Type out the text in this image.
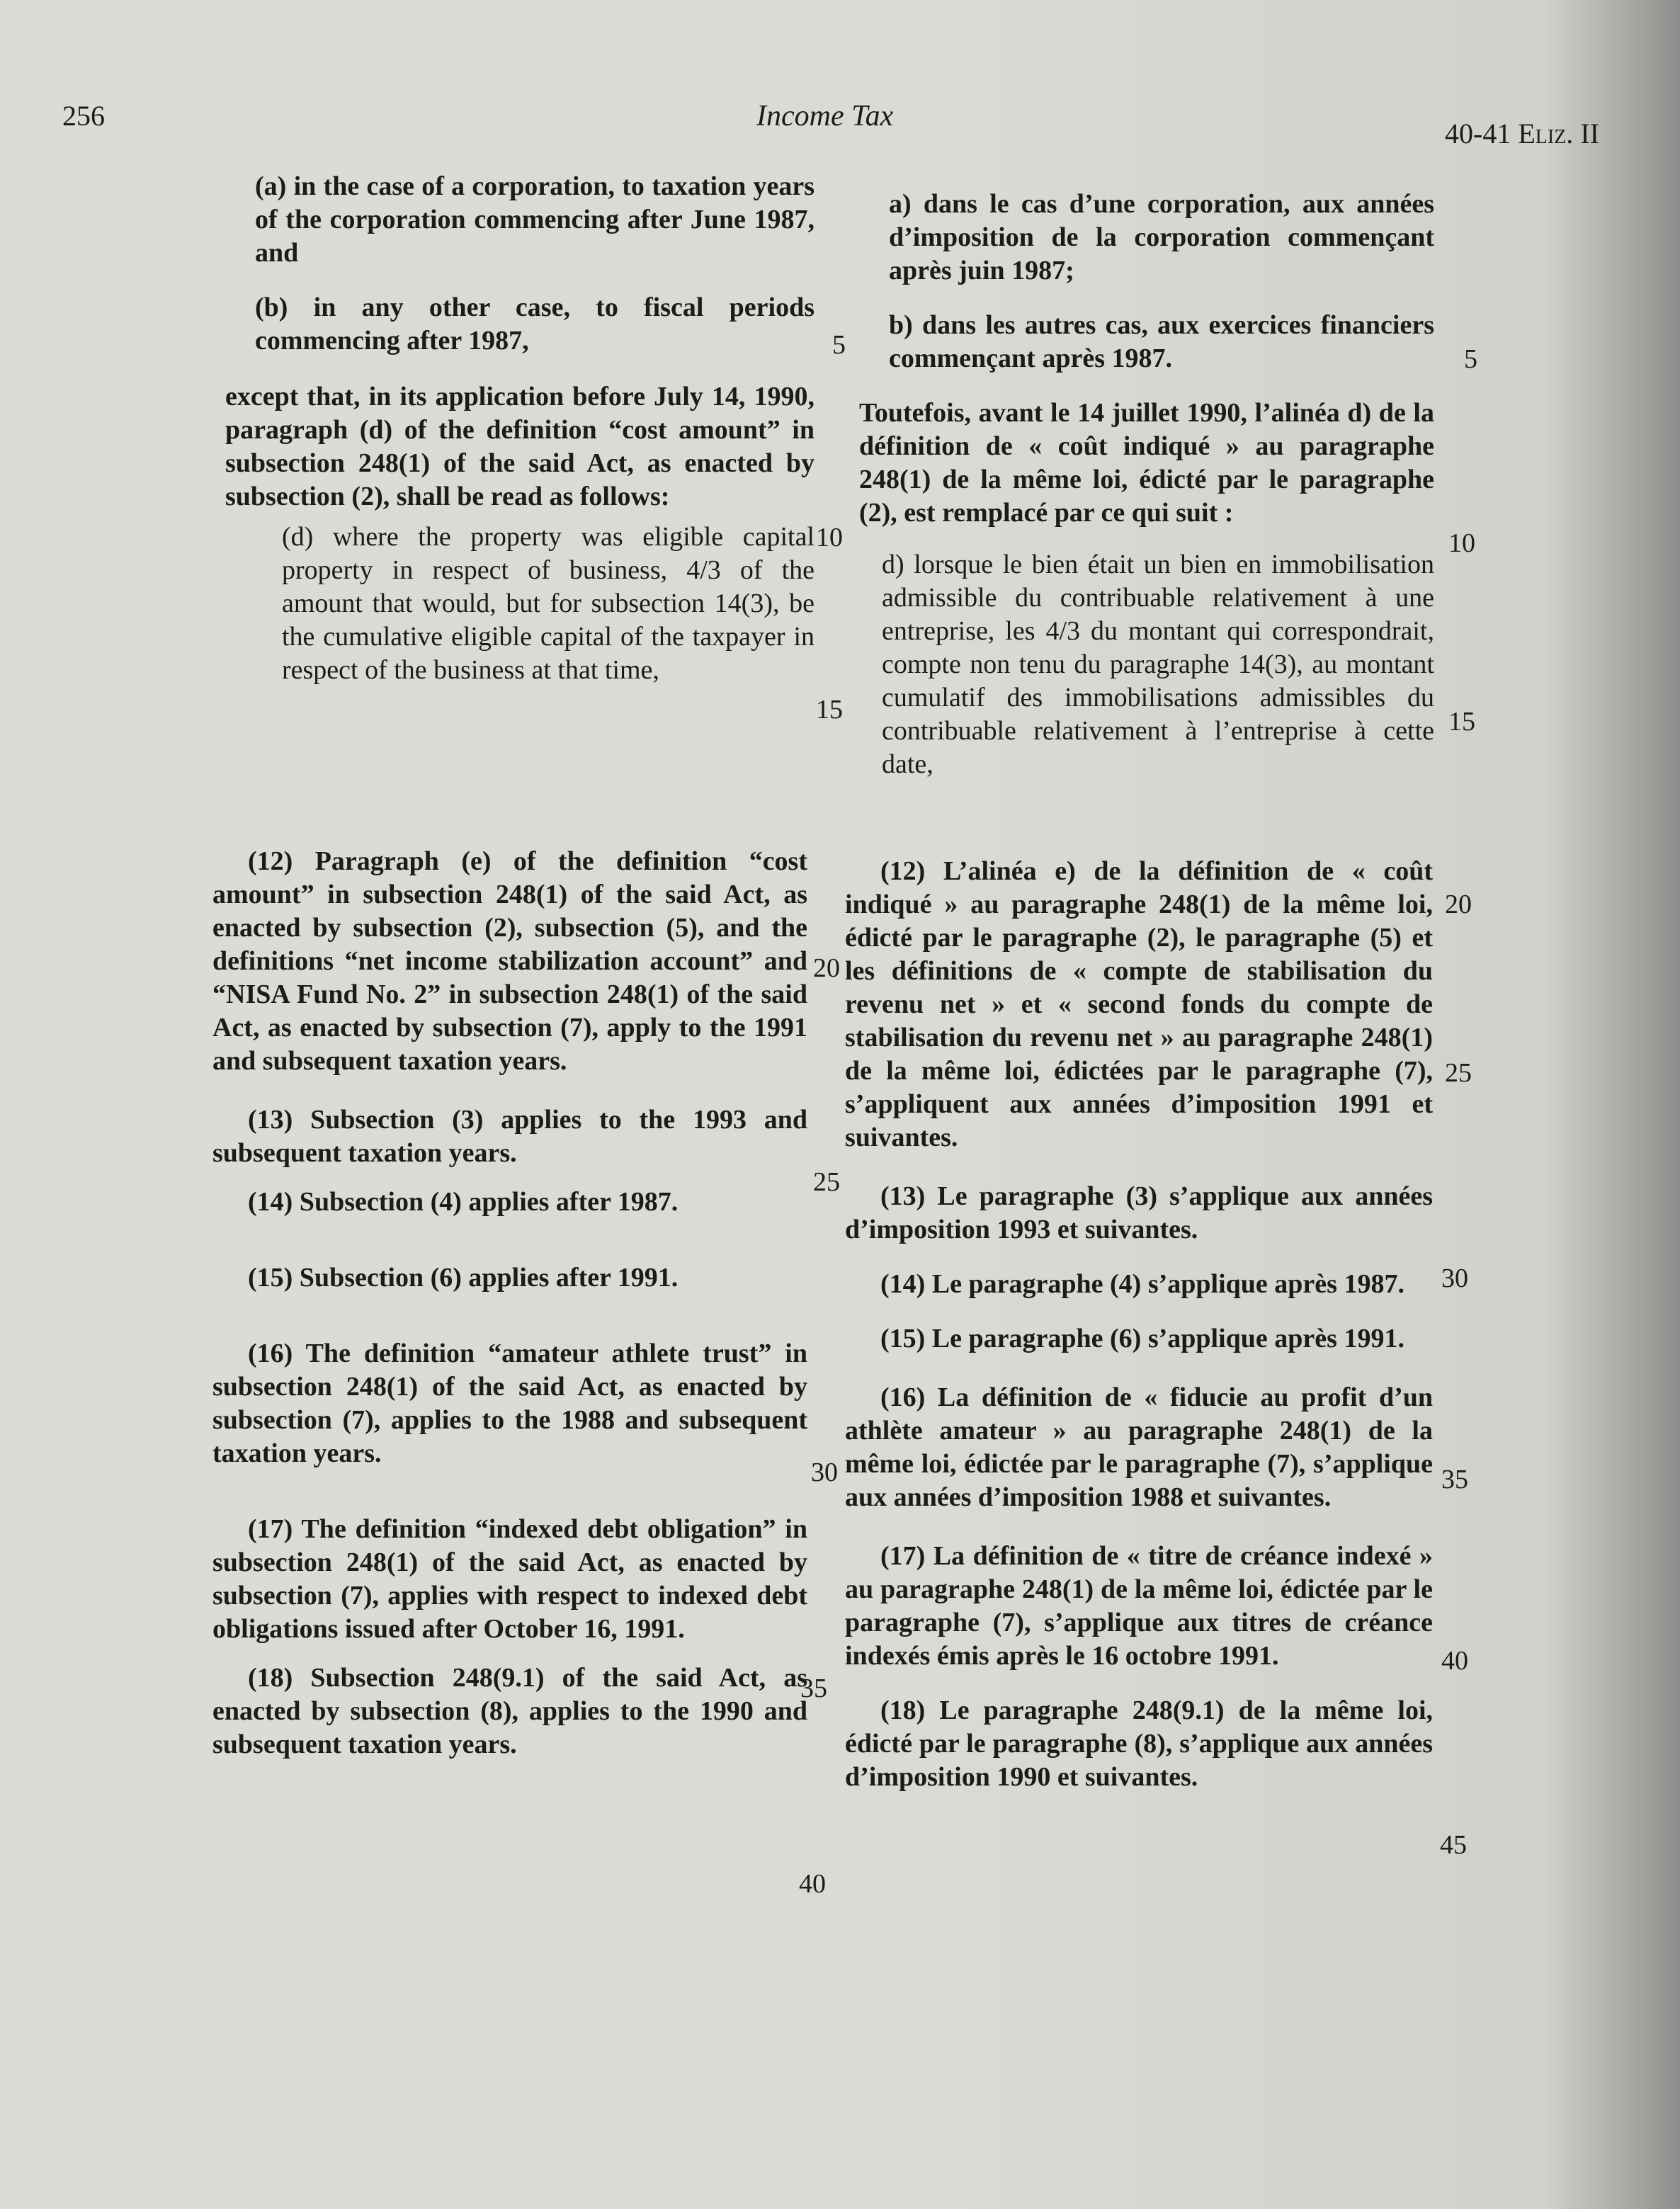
256	Income Tax
40-41 Eliz. II

(a) in the case of a corporation, to taxation years of the corporation commencing after June 1987, and

(b) in any other case, to fiscal periods commencing after 1987,

except that, in its application before July 14, 1990, paragraph (d) of the definition “cost amount” in subsection 248(1) of the said Act, as enacted by subsection (2), shall be read as follows:

(d) where the property was eligible capital property in respect of business, 4/3 of the amount that would, but for subsection 14(3), be the cumulative eligible capital of the taxpayer in respect of the business at that time,

(12) Paragraph (e) of the definition “cost amount” in subsection 248(1) of the said Act, as enacted by subsection (2), subsection (5), and the definitions “net income stabilization account” and “NISA Fund No. 2” in subsection 248(1) of the said Act, as enacted by subsection (7), apply to the 1991 and subsequent taxation years.

(13) Subsection (3) applies to the 1993 and subsequent taxation years.

(14) Subsection (4) applies after 1987.

(15) Subsection (6) applies after 1991.

(16) The definition “amateur athlete trust” in subsection 248(1) of the said Act, as enacted by subsection (7), applies to the 1988 and subsequent taxation years.

(17) The definition “indexed debt obligation” in subsection 248(1) of the said Act, as enacted by subsection (7), applies with respect to indexed debt obligations issued after October 16, 1991.

(18) Subsection 248(9.1) of the said Act, as enacted by subsection (8), applies to the 1990 and subsequent taxation years.

5
10
15
20
25
30
35
40

a) dans le cas d’une corporation, aux années d’imposition de la corporation commençant après juin 1987;

b) dans les autres cas, aux exercices financiers commençant après 1987.

Toutefois, avant le 14 juillet 1990, l’alinéa d) de la définition de « coût indiqué » au paragraphe 248(1) de la même loi, édicté par le paragraphe (2), est remplacé par ce qui suit :

d) lorsque le bien était un bien en immobilisation admissible du contribuable relativement à une entreprise, les 4/3 du montant qui correspondrait, compte non tenu du paragraphe 14(3), au montant cumulatif des immobilisations admissibles du contribuable relativement à l’entreprise à cette date,

(12) L’alinéa e) de la définition de « coût indiqué » au paragraphe 248(1) de la même loi, édicté par le paragraphe (2), le paragraphe (5) et les définitions de « compte de stabilisation du revenu net » et « second fonds du compte de stabilisation du revenu net » au paragraphe 248(1) de la même loi, édictées par le paragraphe (7), s’appliquent aux années d’imposition 1991 et suivantes.

(13) Le paragraphe (3) s’applique aux années d’imposition 1993 et suivantes.

(14) Le paragraphe (4) s’applique après 1987.

(15) Le paragraphe (6) s’applique après 1991.

(16) La définition de « fiducie au profit d’un athlète amateur » au paragraphe 248(1) de la même loi, édictée par le paragraphe (7), s’applique aux années d’imposition 1988 et suivantes.

(17) La définition de « titre de créance indexé » au paragraphe 248(1) de la même loi, édictée par le paragraphe (7), s’applique aux titres de créance indexés émis après le 16 octobre 1991.

(18) Le paragraphe 248(9.1) de la même loi, édicté par le paragraphe (8), s’applique aux années d’imposition 1990 et suivantes.

5
10
15
20
25
30
35
40
45
